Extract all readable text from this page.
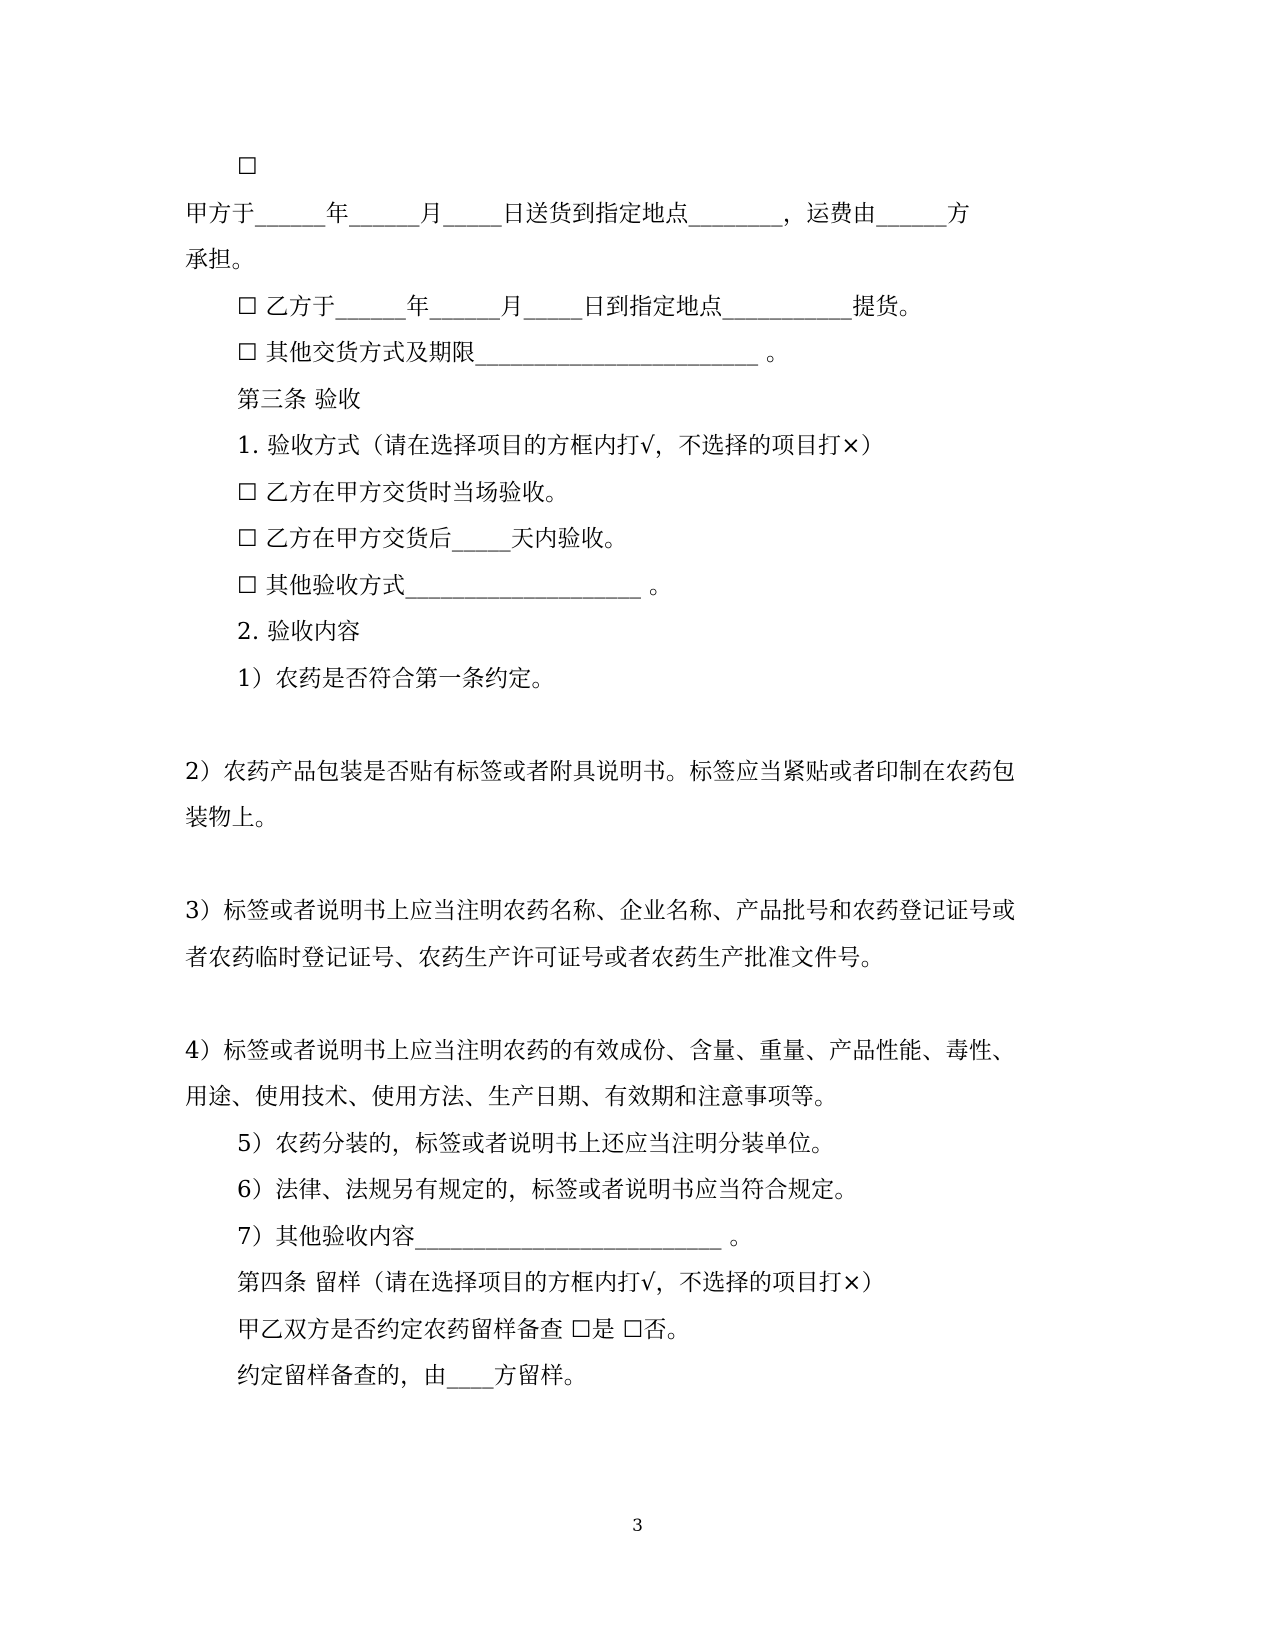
☐
甲方于______年______月_____日送货到指定地点________，运费由______方
承担。
☐ 乙方于______年______月_____日到指定地点___________提货。
☐ 其他交货方式及期限________________________ 。
第三条 验收
1. 验收方式（请在选择项目的方框内打√，不选择的项目打×）
☐ 乙方在甲方交货时当场验收。
☐ 乙方在甲方交货后_____天内验收。
☐ 其他验收方式____________________ 。
2. 验收内容
1）农药是否符合第一条约定。
2）农药产品包装是否贴有标签或者附具说明书。标签应当紧贴或者印制在农药包
装物上。
3）标签或者说明书上应当注明农药名称、企业名称、产品批号和农药登记证号或
者农药临时登记证号、农药生产许可证号或者农药生产批准文件号。
4）标签或者说明书上应当注明农药的有效成份、含量、重量、产品性能、毒性、
用途、使用技术、使用方法、生产日期、有效期和注意事项等。
5）农药分装的，标签或者说明书上还应当注明分装单位。
6）法律、法规另有规定的，标签或者说明书应当符合规定。
7）其他验收内容__________________________ 。
第四条 留样（请在选择项目的方框内打√，不选择的项目打×）
甲乙双方是否约定农药留样备查 ☐是 ☐否。
约定留样备查的，由____方留样。
3
